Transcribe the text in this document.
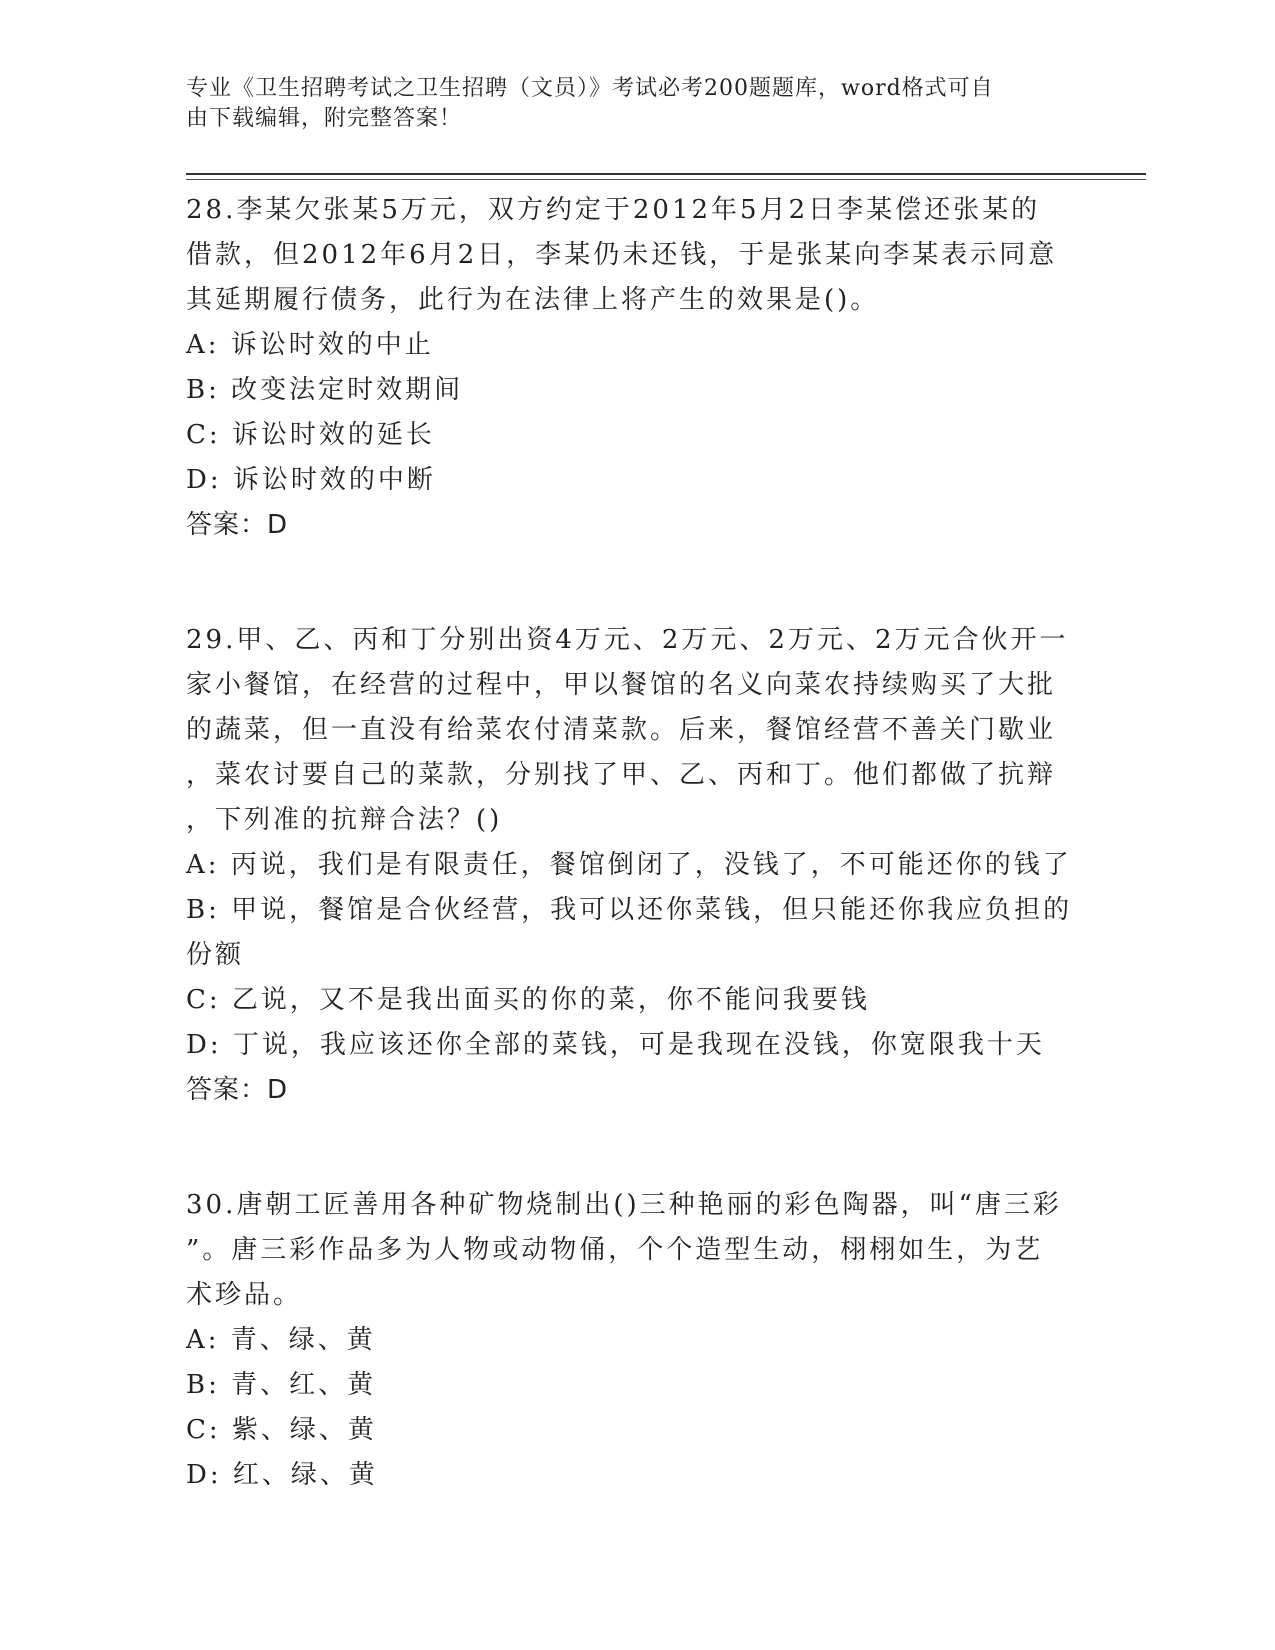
专业《卫生招聘考试之卫生招聘（文员）》考试必考200题题库，word格式可自
由下载编辑，附完整答案！

28.李某欠张某5万元，双方约定于2012年5月2日李某偿还张某的

借款，但2012年6月2日，李某仍未还钱，于是张某向李某表示同意

其延期履行债务，此行为在法律上将产生的效果是()。

A: 诉讼时效的中止

B: 改变法定时效期间

C: 诉讼时效的延长

D: 诉讼时效的中断

答案：D

29.甲、乙、丙和丁分别出资4万元、2万元、2万元、2万元合伙开一

家小餐馆，在经营的过程中，甲以餐馆的名义向菜农持续购买了大批

的蔬菜，但一直没有给菜农付清菜款。后来，餐馆经营不善关门歇业

，菜农讨要自己的菜款，分别找了甲、乙、丙和丁。他们都做了抗辩

，下列准的抗辩合法？()

A: 丙说，我们是有限责任，餐馆倒闭了，没钱了，不可能还你的钱了

B: 甲说，餐馆是合伙经营，我可以还你菜钱，但只能还你我应负担的

份额

C: 乙说，又不是我出面买的你的菜，你不能问我要钱

D: 丁说，我应该还你全部的菜钱，可是我现在没钱，你宽限我十天

答案：D

30.唐朝工匠善用各种矿物烧制出()三种艳丽的彩色陶器，叫“唐三彩

”。唐三彩作品多为人物或动物俑，个个造型生动，栩栩如生，为艺

术珍品。

A: 青、绿、黄

B: 青、红、黄

C: 紫、绿、黄

D: 红、绿、黄
